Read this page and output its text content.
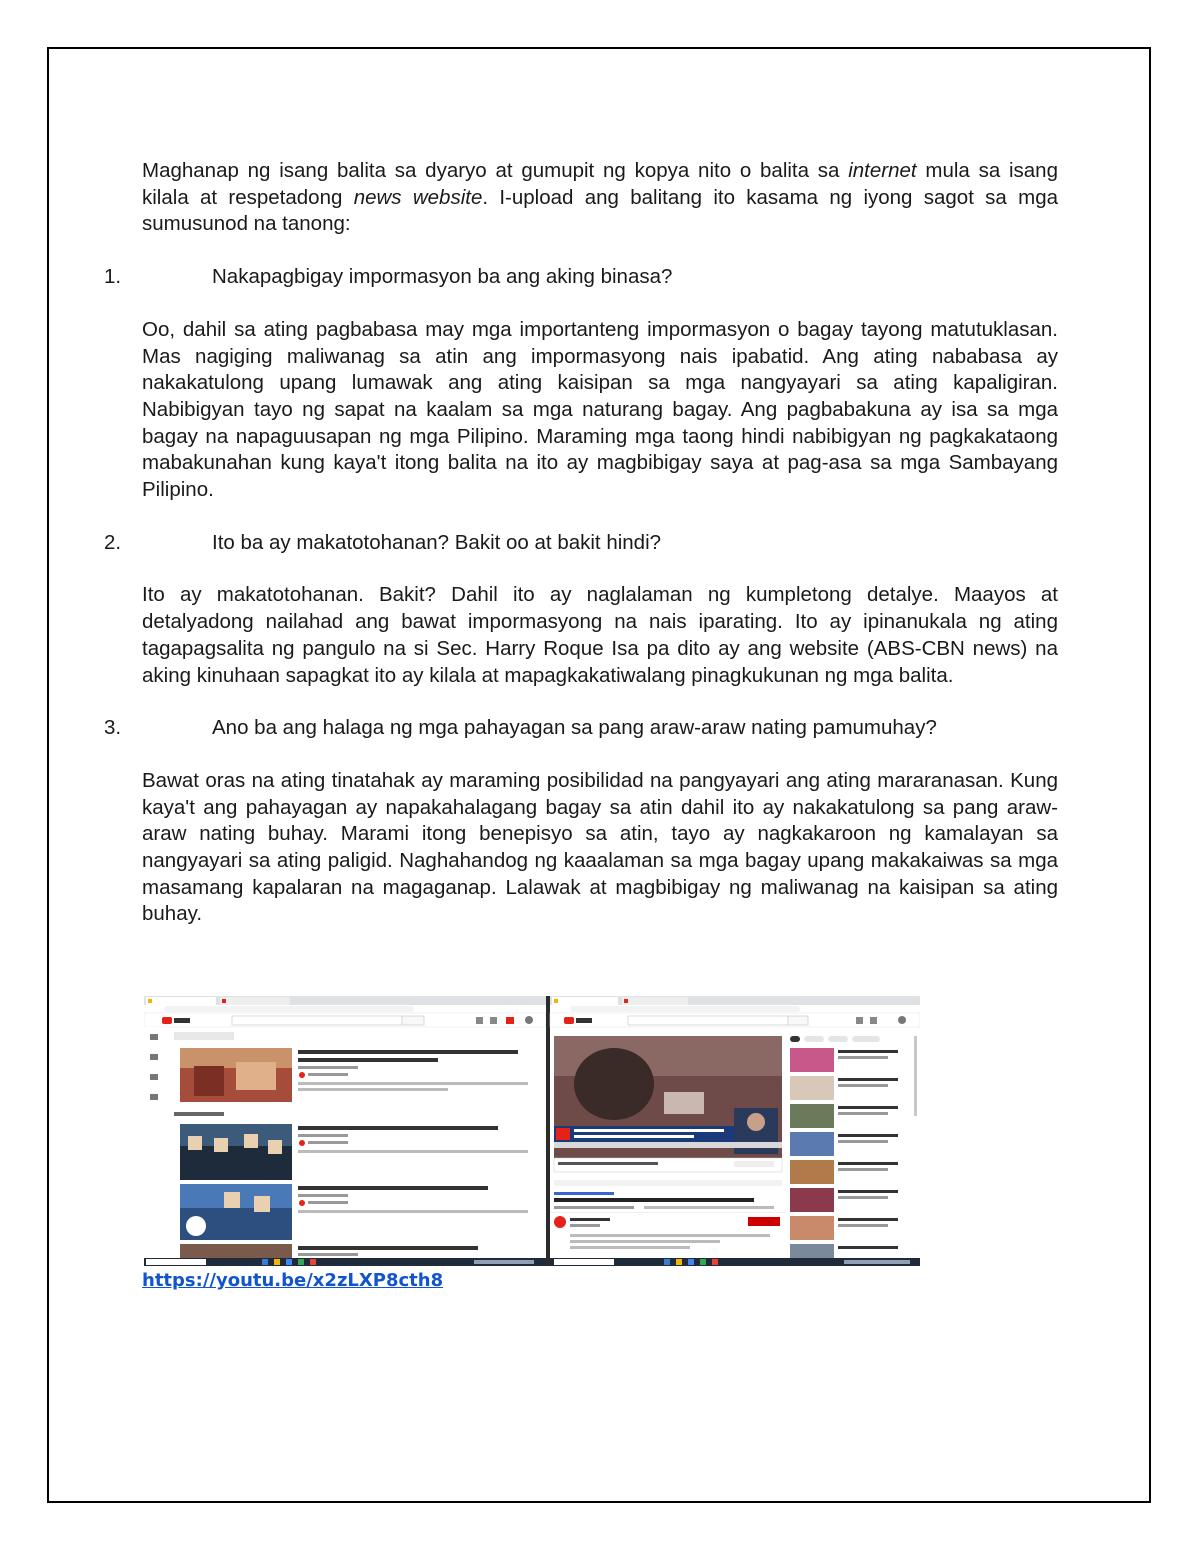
Maghanap ng isang balita sa dyaryo at gumupit ng kopya nito o balita sa internet mula sa isang kilala at respetadong news website. I-upload ang balitang ito kasama ng iyong sagot sa mga sumusunod na tanong:

1.	Nakapagbigay impormasyon ba ang aking binasa?

Oo, dahil sa ating pagbabasa may mga importanteng impormasyon o bagay tayong matutuklasan. Mas nagiging maliwanag sa atin ang impormasyong nais ipabatid. Ang ating nababasa ay nakakatulong upang lumawak ang ating kaisipan sa mga nangyayari sa ating kapaligiran. Nabibigyan tayo ng sapat na kaalam sa mga naturang bagay. Ang pagbabakuna ay isa sa mga bagay na napaguusapan ng mga Pilipino. Maraming mga taong hindi nabibigyan ng pagkakataong mabakunahan kung kaya't itong balita na ito ay magbibigay saya at pag-asa sa mga Sambayang Pilipino.

2.	Ito ba ay makatotohanan? Bakit oo at bakit hindi?

Ito ay makatotohanan. Bakit? Dahil ito ay naglalaman ng kumpletong detalye. Maayos at detalyadong nailahad ang bawat impormasyong na nais iparating. Ito ay ipinanukala ng ating tagapagsalita ng pangulo na si Sec. Harry Roque Isa pa dito ay ang website (ABS-CBN news) na aking kinuhaan sapagkat ito ay kilala at mapagkakatiwalang pinagkukunan ng mga balita.

3.	Ano ba ang halaga ng mga pahayagan sa pang araw-araw nating pamumuhay?

Bawat oras na ating tinatahak ay maraming posibilidad na pangyayari ang ating mararanasan. Kung kaya't ang pahayagan ay napakahalagang bagay sa atin dahil ito ay nakakatulong sa pang araw-araw nating buhay. Marami itong benepisyo sa atin, tayo ay nagkakaroon ng kamalayan sa nangyayari sa ating paligid. Naghahandog ng kaaalaman sa mga bagay upang makakaiwas sa mga masamang kapalaran na magaganap. Lalawak at magbibigay ng maliwanag na kaisipan sa ating buhay.

https://youtu.be/x2zLXP8cth8
